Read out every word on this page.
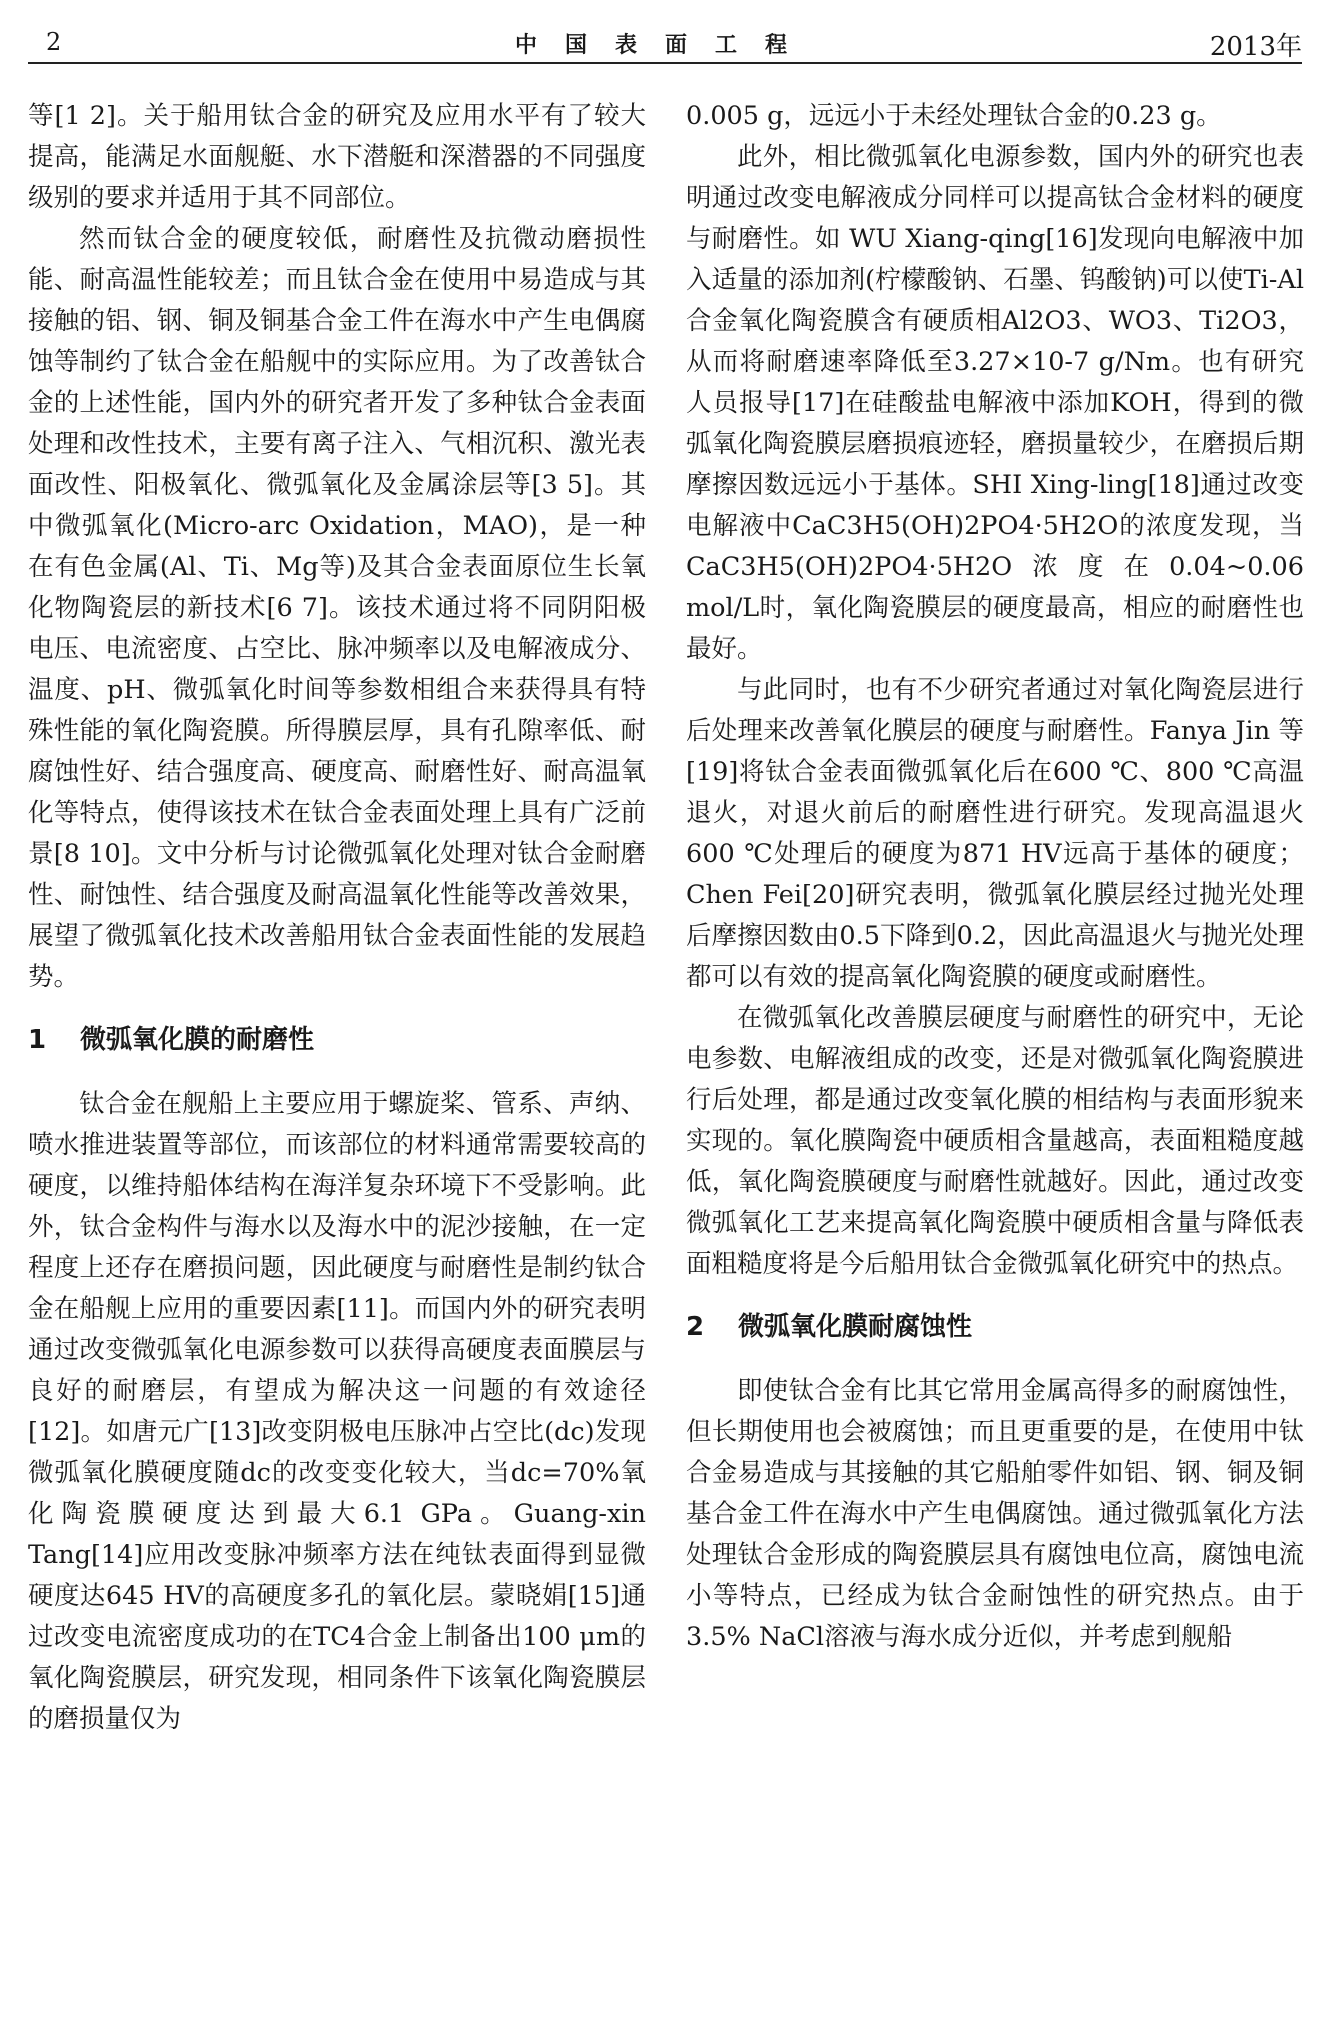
2	中国表面工程	2013年

等[1 2]。关于船用钛合金的研究及应用水平有了较大提高，能满足水面舰艇、水下潜艇和深潜器的不同强度级别的要求并适用于其不同部位。

然而钛合金的硬度较低，耐磨性及抗微动磨损性能、耐高温性能较差；而且钛合金在使用中易造成与其接触的铝、钢、铜及铜基合金工件在海水中产生电偶腐蚀等制约了钛合金在船舰中的实际应用。为了改善钛合金的上述性能，国内外的研究者开发了多种钛合金表面处理和改性技术，主要有离子注入、气相沉积、激光表面改性、阳极氧化、微弧氧化及金属涂层等[3 5]。其中微弧氧化(Micro-arc Oxidation，MAO)，是一种在有色金属(Al、Ti、Mg等)及其合金表面原位生长氧化物陶瓷层的新技术[6 7]。该技术通过将不同阴阳极电压、电流密度、占空比、脉冲频率以及电解液成分、温度、pH、微弧氧化时间等参数相组合来获得具有特殊性能的氧化陶瓷膜。所得膜层厚，具有孔隙率低、耐腐蚀性好、结合强度高、硬度高、耐磨性好、耐高温氧化等特点，使得该技术在钛合金表面处理上具有广泛前景[8 10]。文中分析与讨论微弧氧化处理对钛合金耐磨性、耐蚀性、结合强度及耐高温氧化性能等改善效果，展望了微弧氧化技术改善船用钛合金表面性能的发展趋势。

1 微弧氧化膜的耐磨性

钛合金在舰船上主要应用于螺旋桨、管系、声纳、喷水推进装置等部位，而该部位的材料通常需要较高的硬度，以维持船体结构在海洋复杂环境下不受影响。此外，钛合金构件与海水以及海水中的泥沙接触，在一定程度上还存在磨损问题，因此硬度与耐磨性是制约钛合金在船舰上应用的重要因素[11]。而国内外的研究表明通过改变微弧氧化电源参数可以获得高硬度表面膜层与良好的耐磨层，有望成为解决这一问题的有效途径[12]。如唐元广[13]改变阴极电压脉冲占空比(dc)发现微弧氧化膜硬度随dc的改变变化较大，当dc=70%氧化陶瓷膜硬度达到最大6.1 GPa。Guang-xin Tang[14]应用改变脉冲频率方法在纯钛表面得到显微硬度达645 HV的高硬度多孔的氧化层。蒙晓娟[15]通过改变电流密度成功的在TC4合金上制备出100 μm的氧化陶瓷膜层，研究发现，相同条件下该氧化陶瓷膜层的磨损量仅为

0.005 g，远远小于未经处理钛合金的0.23 g。

此外，相比微弧氧化电源参数，国内外的研究也表明通过改变电解液成分同样可以提高钛合金材料的硬度与耐磨性。如 WU Xiang-qing[16]发现向电解液中加入适量的添加剂(柠檬酸钠、石墨、钨酸钠)可以使Ti-Al合金氧化陶瓷膜含有硬质相Al2O3、WO3、Ti2O3，从而将耐磨速率降低至3.27×10-7 g/Nm。也有研究人员报导[17]在硅酸盐电解液中添加KOH，得到的微弧氧化陶瓷膜层磨损痕迹轻，磨损量较少，在磨损后期摩擦因数远远小于基体。SHI Xing-ling[18]通过改变电解液中CaC3H5(OH)2PO4·5H2O的浓度发现，当CaC3H5(OH)2PO4·5H2O浓度在0.04~0.06 mol/L时，氧化陶瓷膜层的硬度最高，相应的耐磨性也最好。

与此同时，也有不少研究者通过对氧化陶瓷层进行后处理来改善氧化膜层的硬度与耐磨性。Fanya Jin 等[19]将钛合金表面微弧氧化后在600 ℃、800 ℃高温退火，对退火前后的耐磨性进行研究。发现高温退火600 ℃处理后的硬度为871 HV远高于基体的硬度；Chen Fei[20]研究表明，微弧氧化膜层经过抛光处理后摩擦因数由0.5下降到0.2，因此高温退火与抛光处理都可以有效的提高氧化陶瓷膜的硬度或耐磨性。

在微弧氧化改善膜层硬度与耐磨性的研究中，无论电参数、电解液组成的改变，还是对微弧氧化陶瓷膜进行后处理，都是通过改变氧化膜的相结构与表面形貌来实现的。氧化膜陶瓷中硬质相含量越高，表面粗糙度越低，氧化陶瓷膜硬度与耐磨性就越好。因此，通过改变微弧氧化工艺来提高氧化陶瓷膜中硬质相含量与降低表面粗糙度将是今后船用钛合金微弧氧化研究中的热点。

2 微弧氧化膜耐腐蚀性

即使钛合金有比其它常用金属高得多的耐腐蚀性，但长期使用也会被腐蚀；而且更重要的是，在使用中钛合金易造成与其接触的其它船舶零件如铝、钢、铜及铜基合金工件在海水中产生电偶腐蚀。通过微弧氧化方法处理钛合金形成的陶瓷膜层具有腐蚀电位高，腐蚀电流小等特点，已经成为钛合金耐蚀性的研究热点。由于3.5% NaCl溶液与海水成分近似，并考虑到舰船
